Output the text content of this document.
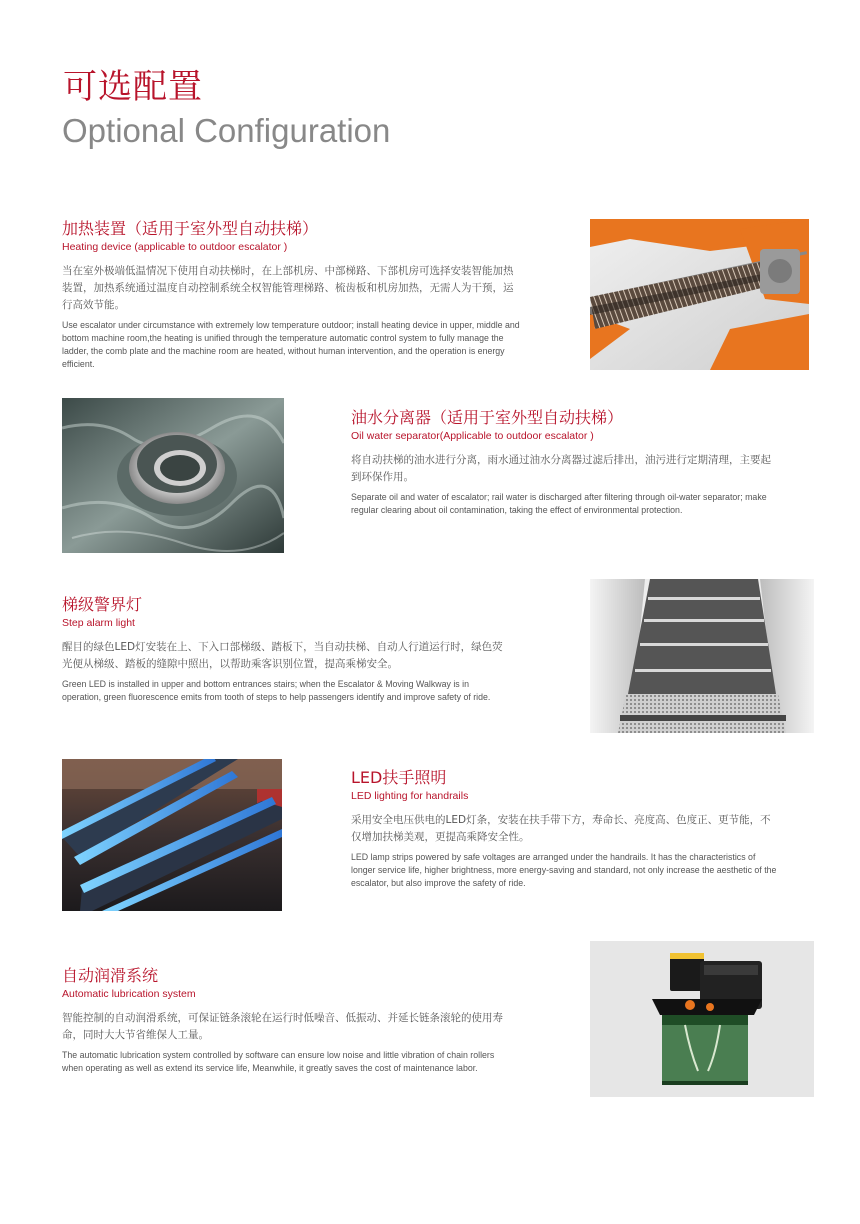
可选配置
Optional Configuration
加热装置（适用于室外型自动扶梯）
Heating device (applicable to outdoor escalator )
当在室外极端低温情况下使用自动扶梯时，在上部机房、中部梯路、下部机房可选择安装智能加热装置，加热系统通过温度自动控制系统全权智能管理梯路、梳齿板和机房加热，无需人为干预，运行高效节能。
Use escalator under circumstance with extremely low temperature outdoor; install heating device in upper, middle and bottom machine room,the heating is unified through the temperature automatic control system to fully manage the ladder, the comb plate and the machine room are heated, without human intervention, and the operation is energy efficient.
油水分离器（适用于室外型自动扶梯）
Oil water separator(Applicable to outdoor escalator )
将自动扶梯的油水进行分离，雨水通过油水分离器过滤后排出，油污进行定期清理，主要起到环保作用。
Separate oil and water of escalator; rail water is discharged after filtering through oil-water separator; make regular clearing about oil contamination, taking the effect of environmental protection.
梯级警界灯
Step alarm light
醒目的绿色LED灯安装在上、下入口部梯级、踏板下，当自动扶梯、自动人行道运行时，绿色荧光便从梯级、踏板的缝隙中照出，以帮助乘客识别位置，提高乘梯安全。
Green LED is installed in upper and bottom entrances stairs; when the Escalator & Moving Walkway is in operation, green fluorescence emits from tooth of steps to help passengers identify and improve safety of ride.
LED扶手照明
LED lighting for handrails
采用安全电压供电的LED灯条，安装在扶手带下方，寿命长、亮度高、色度正、更节能，不仅增加扶梯美观，更提高乘降安全性。
LED lamp strips powered by safe voltages are arranged under the handrails. It has the characteristics of longer service life, higher brightness, more energy-saving and standard, not only increase the aesthetic of the escalator, but also improve the safety of ride.
自动润滑系统
Automatic lubrication system
智能控制的自动润滑系统，可保证链条滚轮在运行时低噪音、低振动、并延长链条滚轮的使用寿命，同时大大节省维保人工量。
The automatic lubrication system controlled by software can ensure low noise and little vibration of chain rollers when operating as well as extend its service life, Meanwhile, it greatly saves the cost of maintenance labor.
